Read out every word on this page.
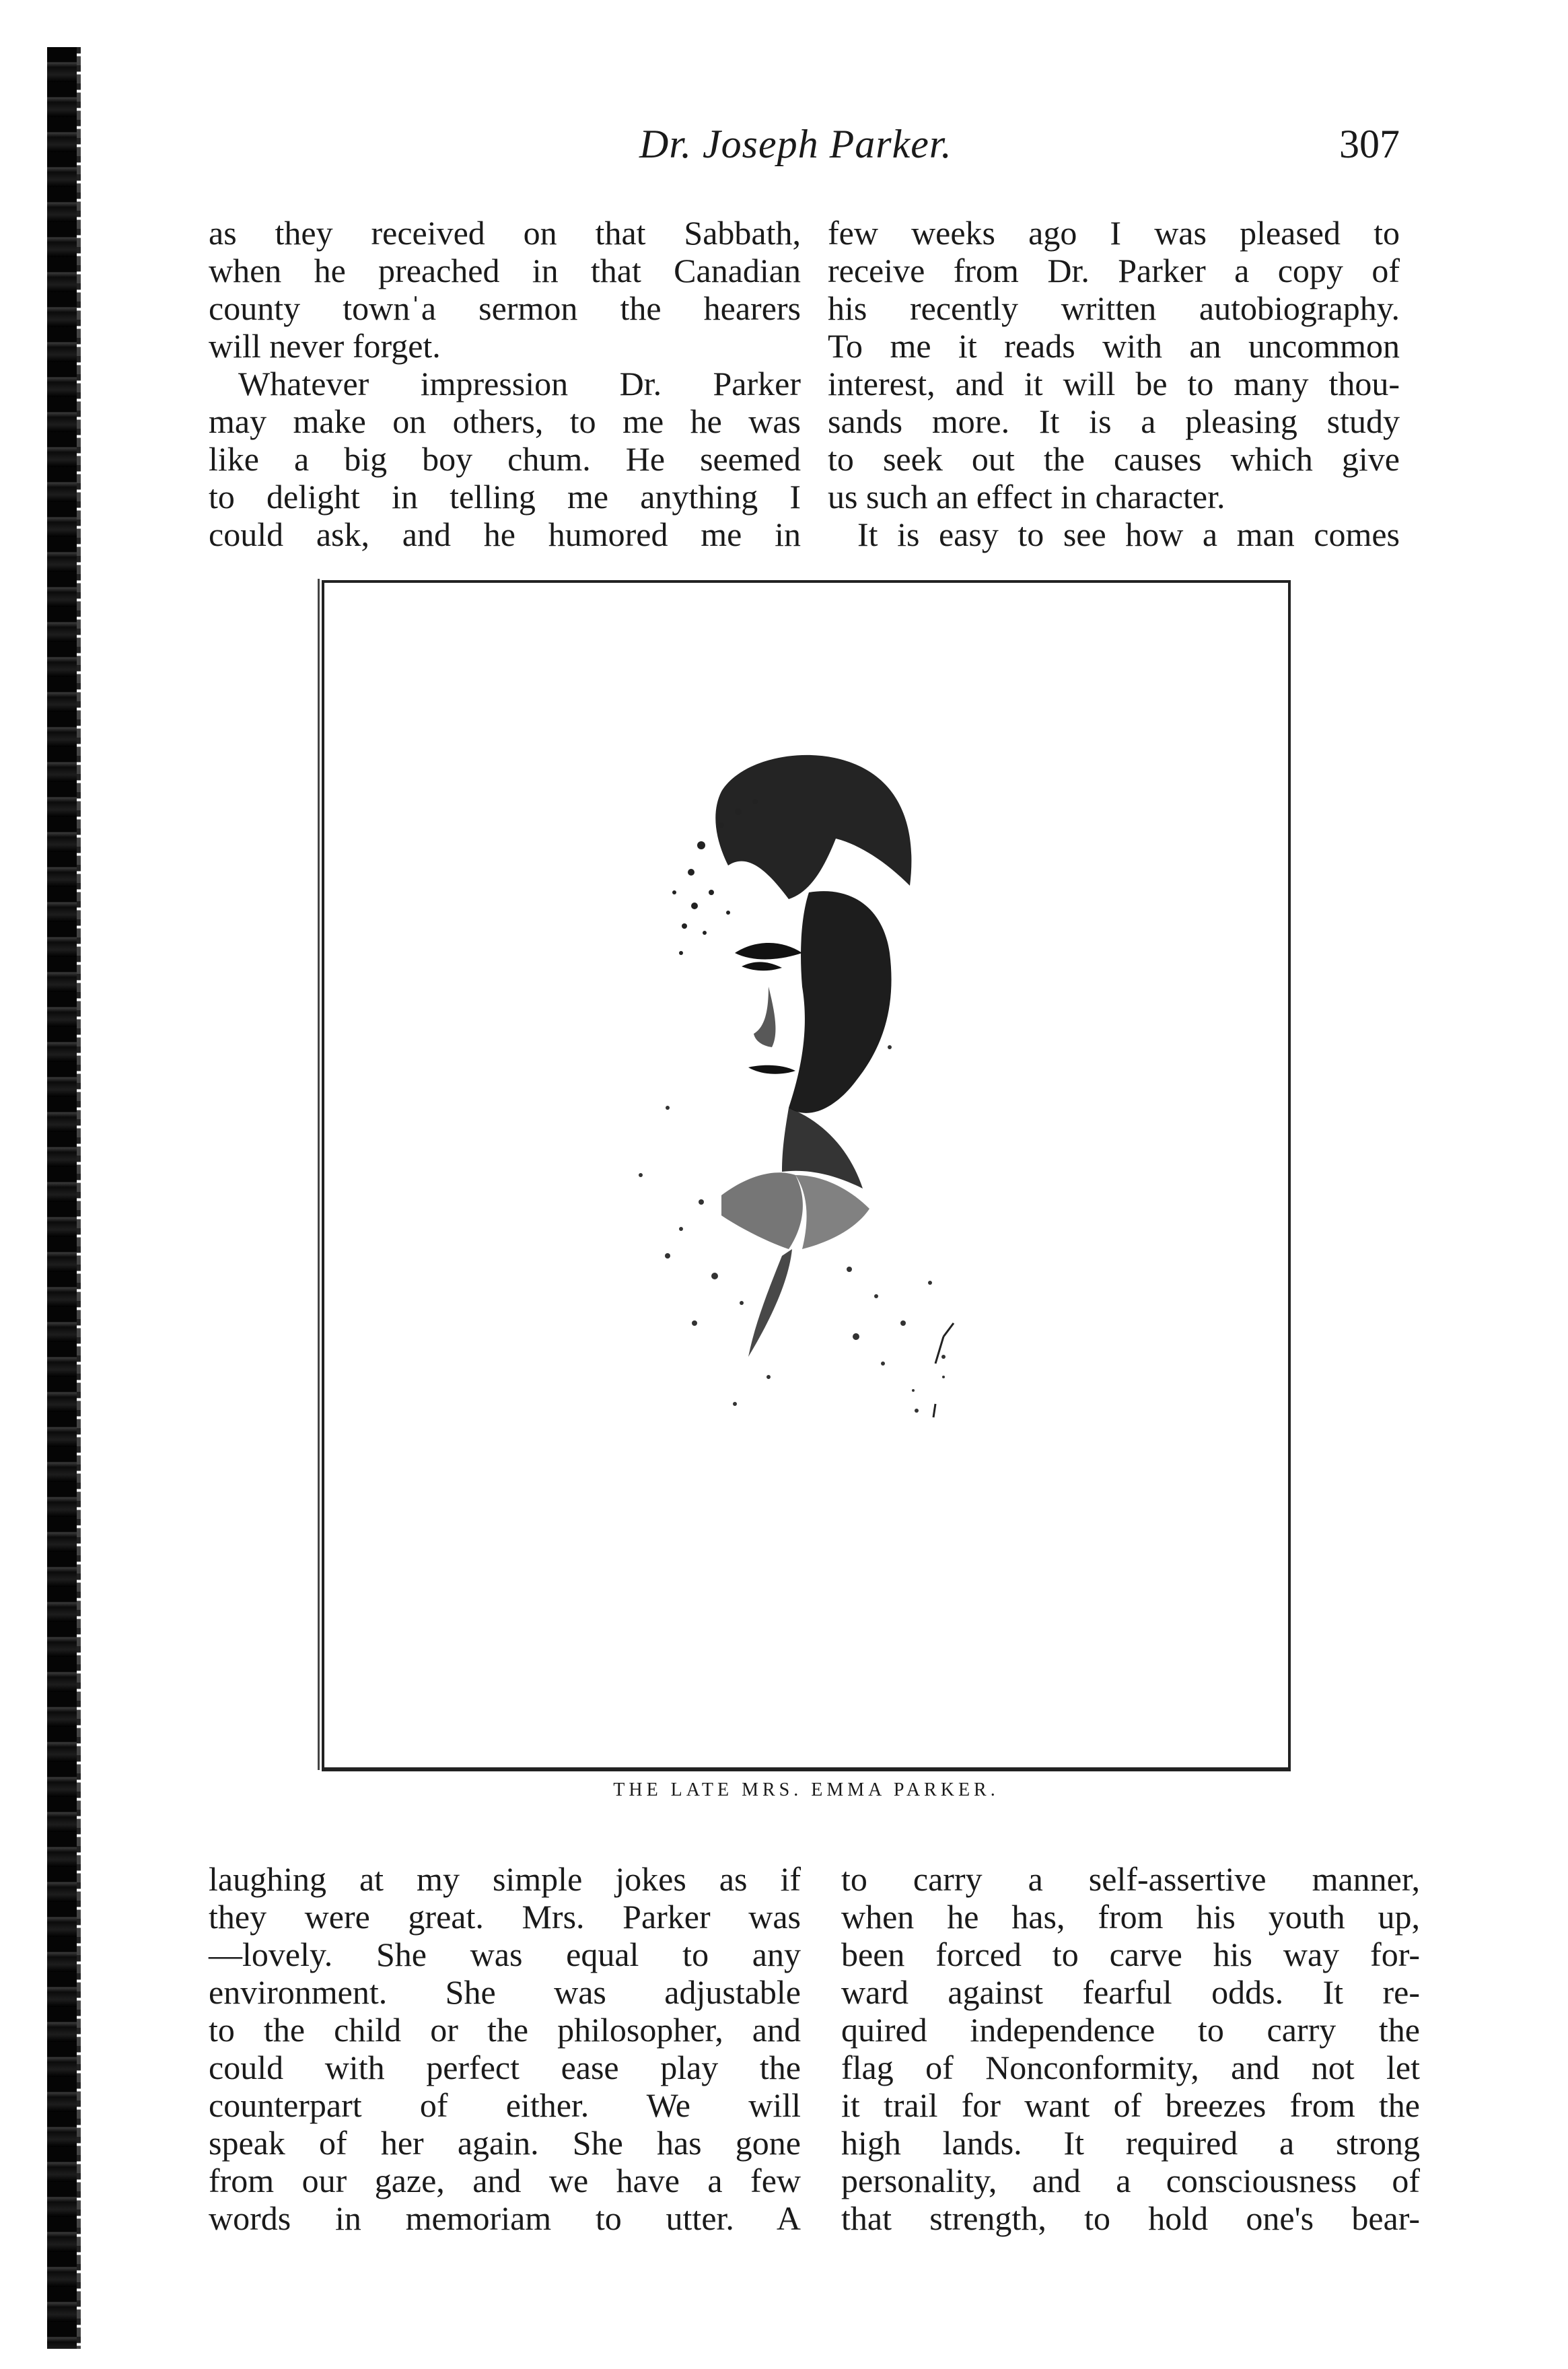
Dr. Joseph Parker.	307
as they received on that Sabbath,
when he preached in that Canadian
county townˈa sermon the hearers
will never forget.
Whatever impression Dr. Parker
may make on others, to me he was
like a big boy chum. He seemed
to delight in telling me anything I
could ask, and he humored me in
few weeks ago I was pleased to
receive from Dr. Parker a copy of
his recently written autobiography.
To me it reads with an uncommon
interest, and it will be to many thou-
sands more. It is a pleasing study
to seek out the causes which give
us such an effect in character.
It is easy to see how a man comes
THE LATE MRS. EMMA PARKER.
laughing at my simple jokes as if
they were great. Mrs. Parker was
—lovely. She was equal to any
environment. She was adjustable
to the child or the philosopher, and
could with perfect ease play the
counterpart of either. We will
speak of her again. She has gone
from our gaze, and we have a few
words in memoriam to utter. A
to carry a self-assertive manner,
when he has, from his youth up,
been forced to carve his way for-
ward against fearful odds. It re-
quired independence to carry the
flag of Nonconformity, and not let
it trail for want of breezes from the
high lands. It required a strong
personality, and a consciousness of
that strength, to hold one's bear-
